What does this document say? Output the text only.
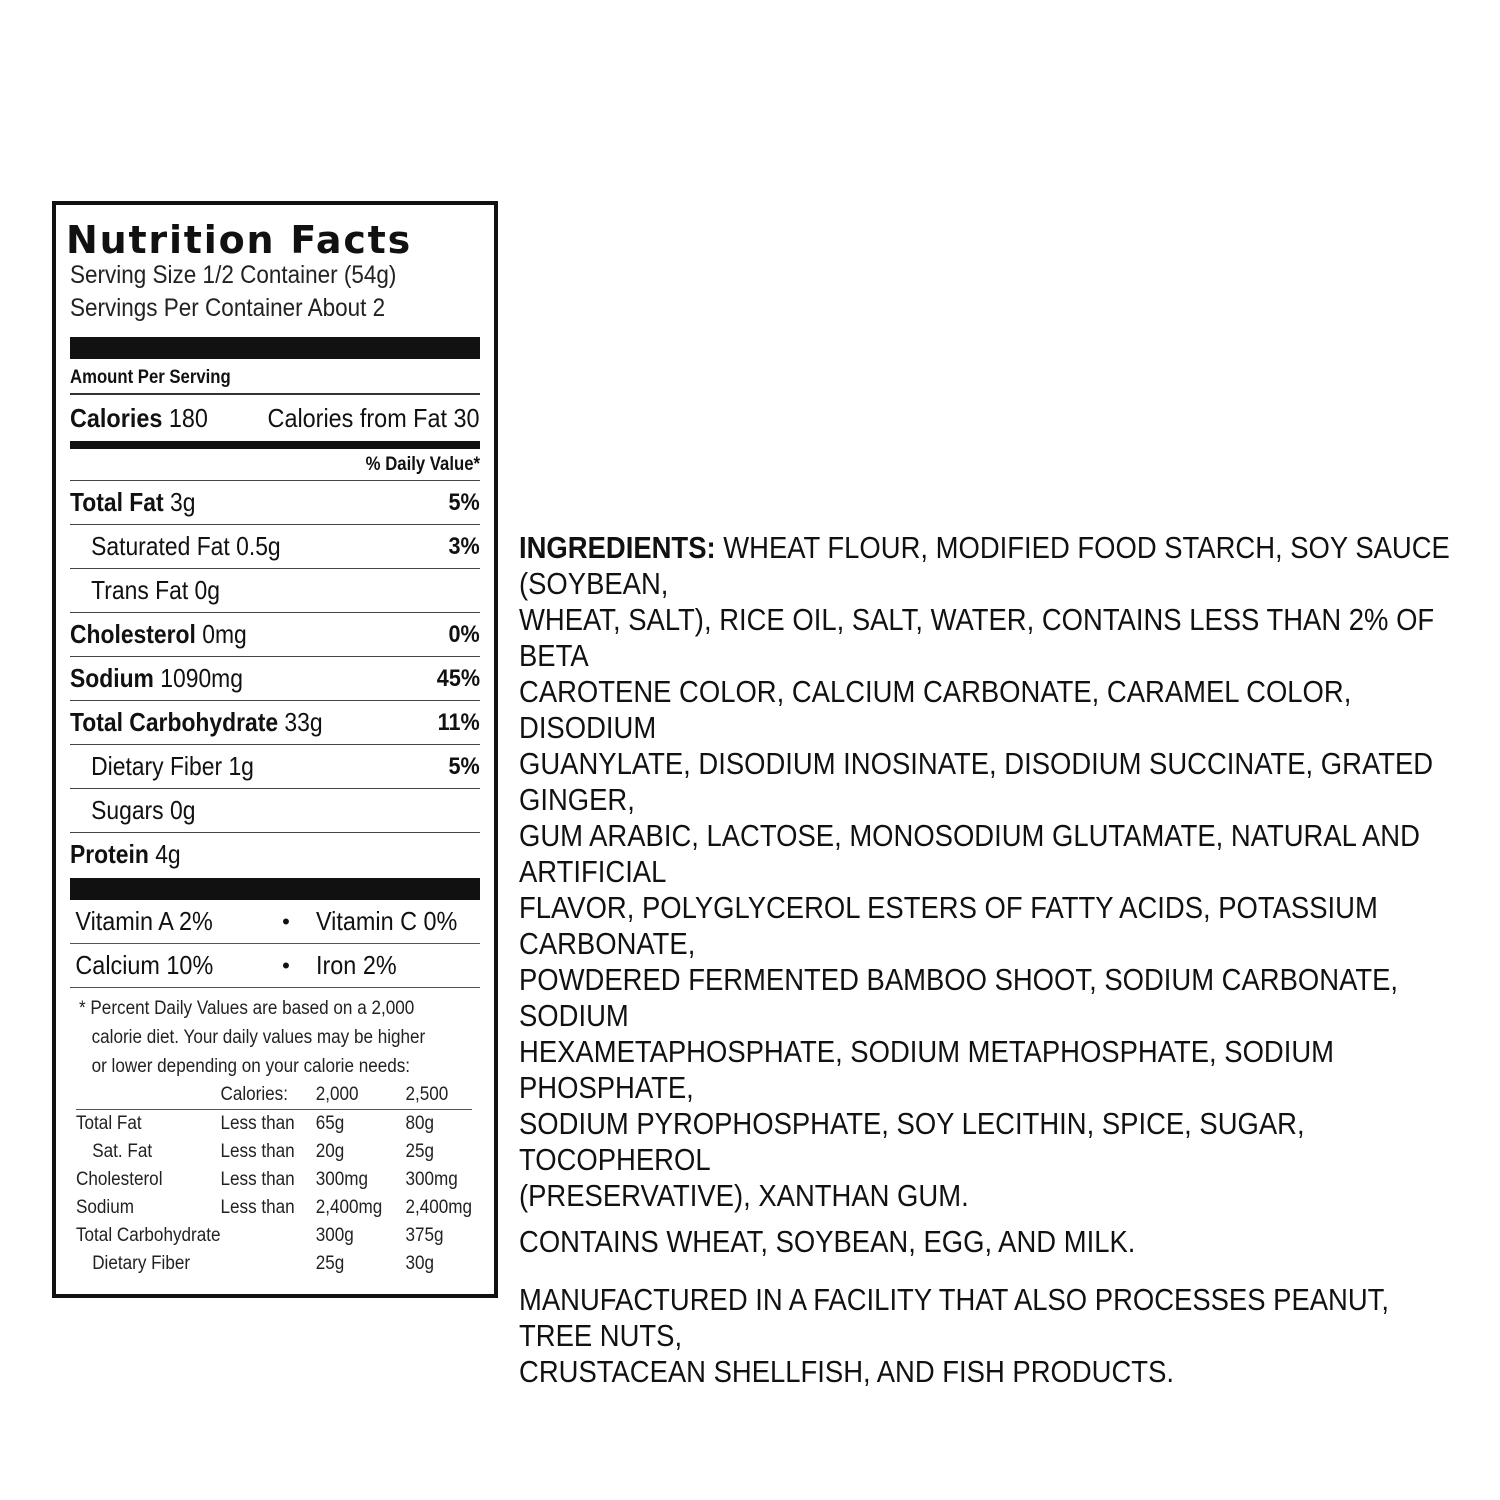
Nutrition Facts
Serving Size 1/2 Container (54g)
Servings Per Container About 2
Amount Per Serving
Calories 180 Calories from Fat 30
% Daily Value*
Total Fat 3g	5%
Saturated Fat 0.5g	3%
Trans Fat 0g
Cholesterol 0mg	0%
Sodium 1090mg	45%
Total Carbohydrate 33g	11%
Dietary Fiber 1g	5%
Sugars 0g
Protein 4g
Vitamin A 2%	•	Vitamin C 0%
Calcium 10%	•	Iron 2%
* Percent Daily Values are based on a 2,000
calorie diet. Your daily values may be higher
or lower depending on your calorie needs:
	Calories:	2,000	2,500
Total Fat	Less than	65g	80g
Sat. Fat	Less than	20g	25g
Cholesterol	Less than	300mg	300mg
Sodium	Less than	2,400mg	2,400mg
Total Carbohydrate		300g	375g
Dietary Fiber		25g	30g

INGREDIENTS: WHEAT FLOUR, MODIFIED FOOD STARCH, SOY SAUCE (SOYBEAN,
WHEAT, SALT), RICE OIL, SALT, WATER, CONTAINS LESS THAN 2% OF BETA
CAROTENE COLOR, CALCIUM CARBONATE, CARAMEL COLOR, DISODIUM
GUANYLATE, DISODIUM INOSINATE, DISODIUM SUCCINATE, GRATED GINGER,
GUM ARABIC, LACTOSE, MONOSODIUM GLUTAMATE, NATURAL AND ARTIFICIAL
FLAVOR, POLYGLYCEROL ESTERS OF FATTY ACIDS, POTASSIUM CARBONATE,
POWDERED FERMENTED BAMBOO SHOOT, SODIUM CARBONATE, SODIUM
HEXAMETAPHOSPHATE, SODIUM METAPHOSPHATE, SODIUM PHOSPHATE,
SODIUM PYROPHOSPHATE, SOY LECITHIN, SPICE, SUGAR, TOCOPHEROL
(PRESERVATIVE), XANTHAN GUM.

CONTAINS WHEAT, SOYBEAN, EGG, AND MILK.

MANUFACTURED IN A FACILITY THAT ALSO PROCESSES PEANUT, TREE NUTS,
CRUSTACEAN SHELLFISH, AND FISH PRODUCTS.
